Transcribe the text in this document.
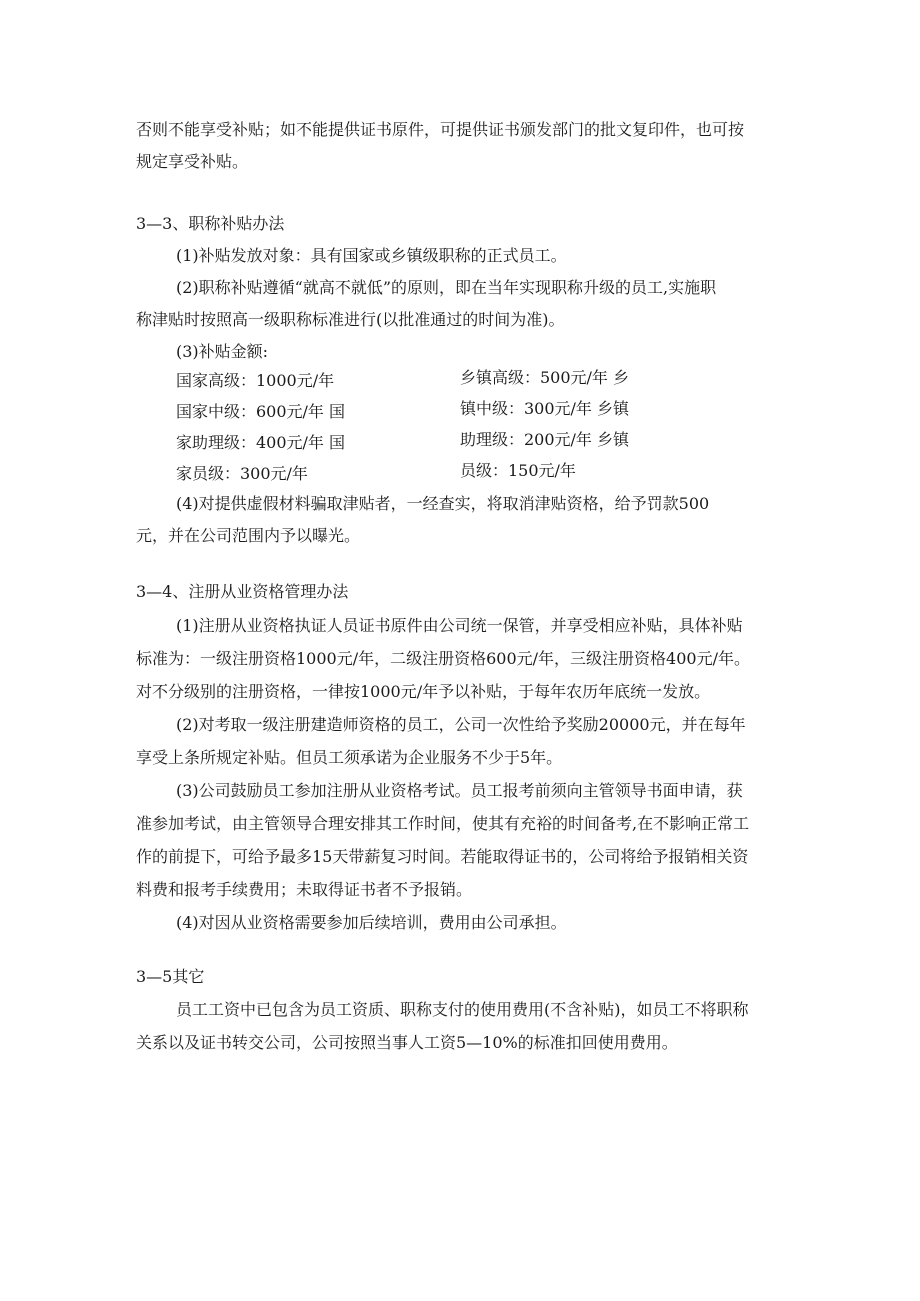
否则不能享受补贴；如不能提供证书原件，可提供证书颁发部门的批文复印件，也可按
规定享受补贴。
3—3、职称补贴办法
(1)补贴发放对象：具有国家或乡镇级职称的正式员工。
(2)职称补贴遵循“就高不就低”的原则，即在当年实现职称升级的员工,实施职
称津贴时按照高一级职称标准进行(以批准通过的时间为准)。
(3)补贴金额:
国家高级：1000元/年	乡镇高级：500元/年 乡
国家中级：600元/年 国	镇中级：300元/年 乡镇
家助理级：400元/年 国	助理级：200元/年 乡镇
家员级：300元/年	员级：150元/年
(4)对提供虚假材料骗取津贴者，一经查实，将取消津贴资格，给予罚款500
元，并在公司范围内予以曝光。
3—4、注册从业资格管理办法
(1)注册从业资格执证人员证书原件由公司统一保管，并享受相应补贴，具体补贴
标准为：一级注册资格1000元/年，二级注册资格600元/年，三级注册资格400元/年。
对不分级别的注册资格，一律按1000元/年予以补贴，于每年农历年底统一发放。
(2)对考取一级注册建造师资格的员工，公司一次性给予奖励20000元，并在每年
享受上条所规定补贴。但员工须承诺为企业服务不少于5年。
(3)公司鼓励员工参加注册从业资格考试。员工报考前须向主管领导书面申请，获
准参加考试，由主管领导合理安排其工作时间，使其有充裕的时间备考,在不影响正常工
作的前提下，可给予最多15天带薪复习时间。若能取得证书的，公司将给予报销相关资
料费和报考手续费用；未取得证书者不予报销。
(4)对因从业资格需要参加后续培训，费用由公司承担。
3—5其它
员工工资中已包含为员工资质、职称支付的使用费用(不含补贴)，如员工不将职称
关系以及证书转交公司，公司按照当事人工资5—10%的标准扣回使用费用。
